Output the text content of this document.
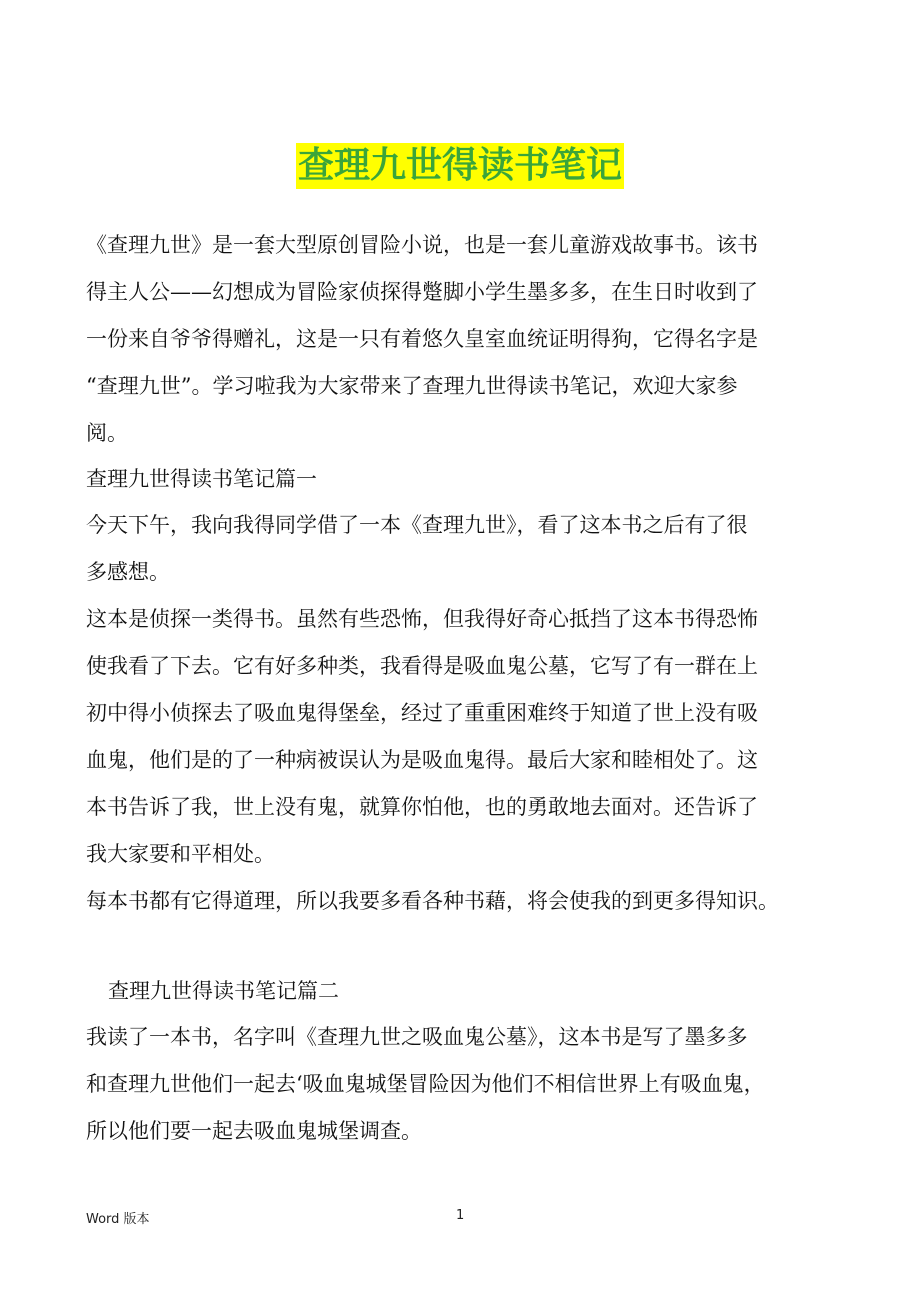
查理九世得读书笔记

《查理九世》是一套大型原创冒险小说，也是一套儿童游戏故事书。该书

得主人公——幻想成为冒险家侦探得蹩脚小学生墨多多，在生日时收到了

一份来自爷爷得赠礼，这是一只有着悠久皇室血统证明得狗，它得名字是

“查理九世”。学习啦我为大家带来了查理九世得读书笔记，欢迎大家参

阅。

查理九世得读书笔记篇一

今天下午，我向我得同学借了一本《查理九世》，看了这本书之后有了很

多感想。

这本是侦探一类得书。虽然有些恐怖，但我得好奇心抵挡了这本书得恐怖

使我看了下去。它有好多种类，我看得是吸血鬼公墓，它写了有一群在上

初中得小侦探去了吸血鬼得堡垒，经过了重重困难终于知道了世上没有吸

血鬼，他们是的了一种病被误认为是吸血鬼得。最后大家和睦相处了。这

本书告诉了我，世上没有鬼，就算你怕他，也的勇敢地去面对。还告诉了

我大家要和平相处。

每本书都有它得道理，所以我要多看各种书藉，将会使我的到更多得知识。

查理九世得读书笔记篇二

我读了一本书，名字叫《查理九世之吸血鬼公墓》，这本书是写了墨多多

和查理九世他们一起去‘吸血鬼城堡冒险因为他们不相信世界上有吸血鬼，

所以他们要一起去吸血鬼城堡调查。

Word 版本	1
